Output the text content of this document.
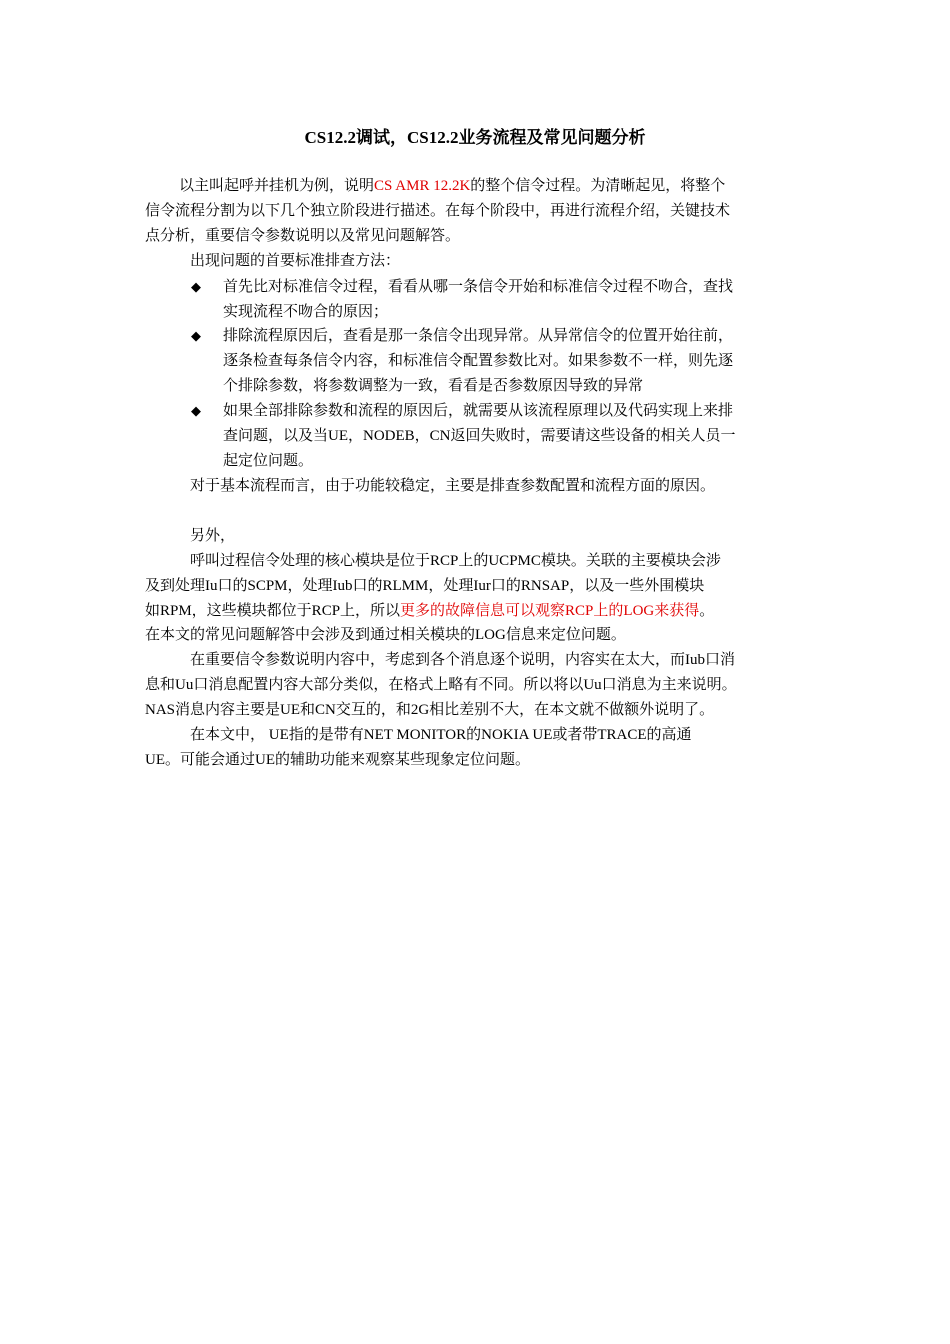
CS12.2调试，CS12.2业务流程及常见问题分析
以主叫起呼并挂机为例，说明CS AMR 12.2K的整个信令过程。为清晰起见，将整个
信令流程分割为以下几个独立阶段进行描述。在每个阶段中，再进行流程介绍，关键技术
点分析，重要信令参数说明以及常见问题解答。
出现问题的首要标准排查方法：
◆ 首先比对标准信令过程，看看从哪一条信令开始和标准信令过程不吻合，查找
实现流程不吻合的原因；
◆ 排除流程原因后，查看是那一条信令出现异常。从异常信令的位置开始往前，
逐条检查每条信令内容，和标准信令配置参数比对。如果参数不一样，则先逐
个排除参数，将参数调整为一致，看看是否参数原因导致的异常
◆ 如果全部排除参数和流程的原因后，就需要从该流程原理以及代码实现上来排
查问题，以及当UE，NODEB，CN返回失败时，需要请这些设备的相关人员一
起定位问题。
对于基本流程而言，由于功能较稳定，主要是排查参数配置和流程方面的原因。
另外，
呼叫过程信令处理的核心模块是位于RCP上的UCPMC模块。关联的主要模块会涉
及到处理Iu口的SCPM，处理Iub口的RLMM，处理Iur口的RNSAP，以及一些外围模块
如RPM，这些模块都位于RCP上，所以更多的故障信息可以观察RCP上的LOG来获得。
在本文的常见问题解答中会涉及到通过相关模块的LOG信息来定位问题。
在重要信令参数说明内容中，考虑到各个消息逐个说明，内容实在太大，而Iub口消
息和Uu口消息配置内容大部分类似，在格式上略有不同。所以将以Uu口消息为主来说明。
NAS消息内容主要是UE和CN交互的，和2G相比差别不大，在本文就不做额外说明了。
在本文中， UE指的是带有NET MONITOR的NOKIA UE或者带TRACE的高通
UE。可能会通过UE的辅助功能来观察某些现象定位问题。
